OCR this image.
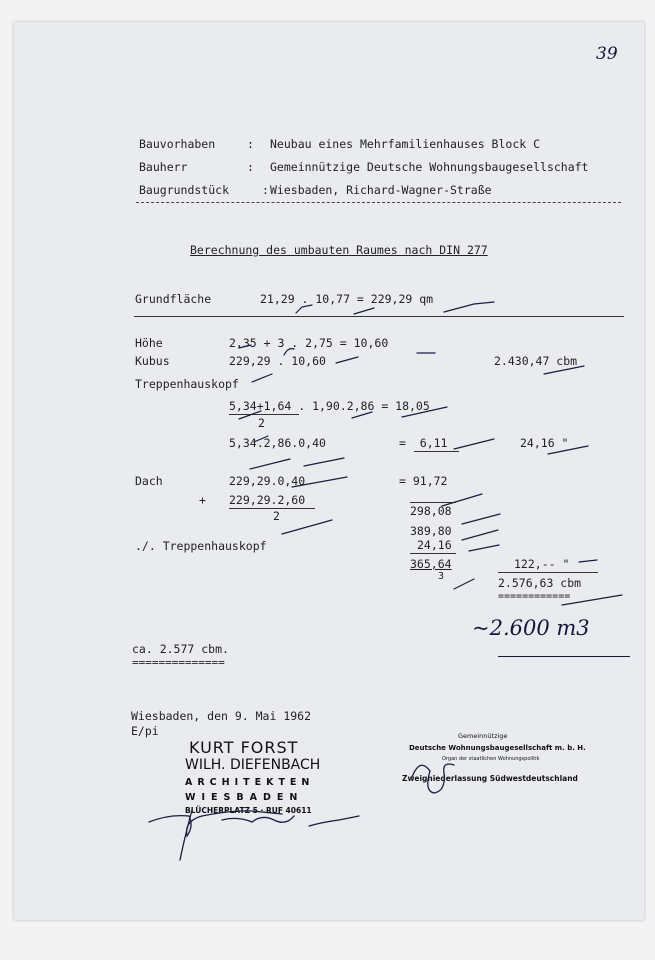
39
Bauvorhaben	: Neubau eines Mehrfamilienhauses Block C
Bauherr	: Gemeinnützige Deutsche Wohnungsbaugesellschaft
Baugrundstück	: Wiesbaden, Richard-Wagner-Straße
Berechnung des umbauten Raumes nach DIN 277
Grundfläche	21,29 . 10,77 = 229,29 qm
Höhe	2,35 + 3 . 2,75 = 10,60
Kubus	229,29 . 10,60	2.430,47 cbm
Treppenhauskopf
5,34+1,64 . 1,90.2,86 = 18,05
2
5,34.2,86.0,40	=  6,11	24,16 "
Dach	229,29.0,40	= 91,72
+ 229,29.2,60
2	298,08
389,80
./. Treppenhauskopf	24,16
365,64
3
122,-- "
2.576,63 cbm
============
~2.600 m3
ca. 2.577 cbm.
==============
Wiesbaden, den 9. Mai 1962
E/pi
KURT FORST
WILH. DIEFENBACH
ARCHITEKTEN
WIESBADEN
BLÜCHERPLATZ 5 · RUF 40611
Gemeinnützige
Deutsche Wohnungsbaugesellschaft m. b. H.
Organ der staatlichen Wohnungspolitik
Zweigniederlassung Südwestdeutschland
